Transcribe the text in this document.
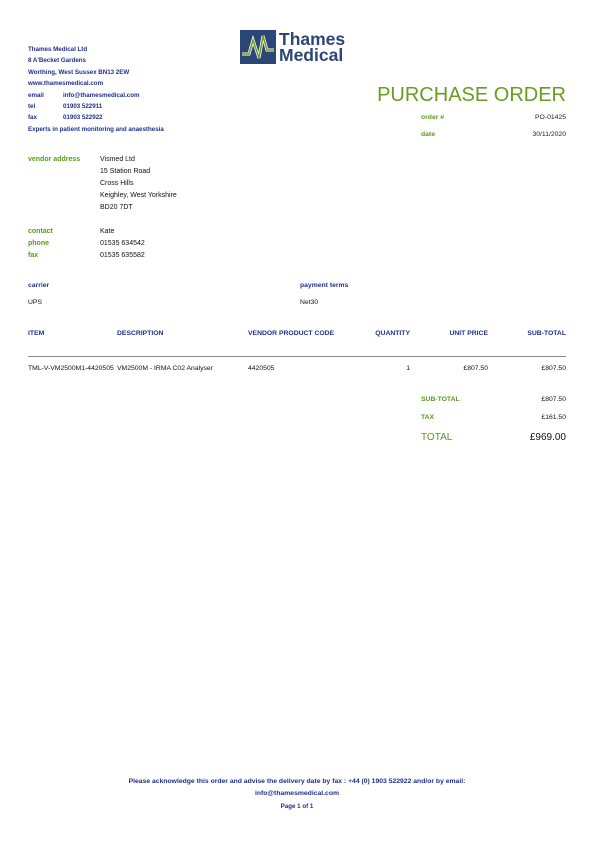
Thames Medical Ltd
8 A'Becket Gardens
Worthing, West Sussex BN13 2EW
www.thamesmedical.com
email	info@thamesmedical.com
tel	01903 522911
fax	01903 522922
Experts in patient monitoring and anaesthesia
Thames
Medical
PURCHASE ORDER
order #	PO-01425
date	30/11/2020
vendor address	Vismed Ltd
15 Station Road
Cross Hills
Keighley, West Yorkshire
BD20 7DT
contact	Kate
phone	01535 634542
fax	01535 635582
carrier
UPS
payment terms
Net30
ITEM	DESCRIPTION	VENDOR PRODUCT CODE	QUANTITY	UNIT PRICE	SUB-TOTAL
TML-V-VM2500M1-4420505 VM2500M - IRMA C02 Analyser	4420505	1	£807.50	£807.50
SUB-TOTAL	£807.50
TAX	£161.50
TOTAL	£969.00
Please acknowledge this order and advise the delivery date by fax : +44 (0) 1903 522922 and/or by email:
info@thamesmedical.com
Page 1 of 1
